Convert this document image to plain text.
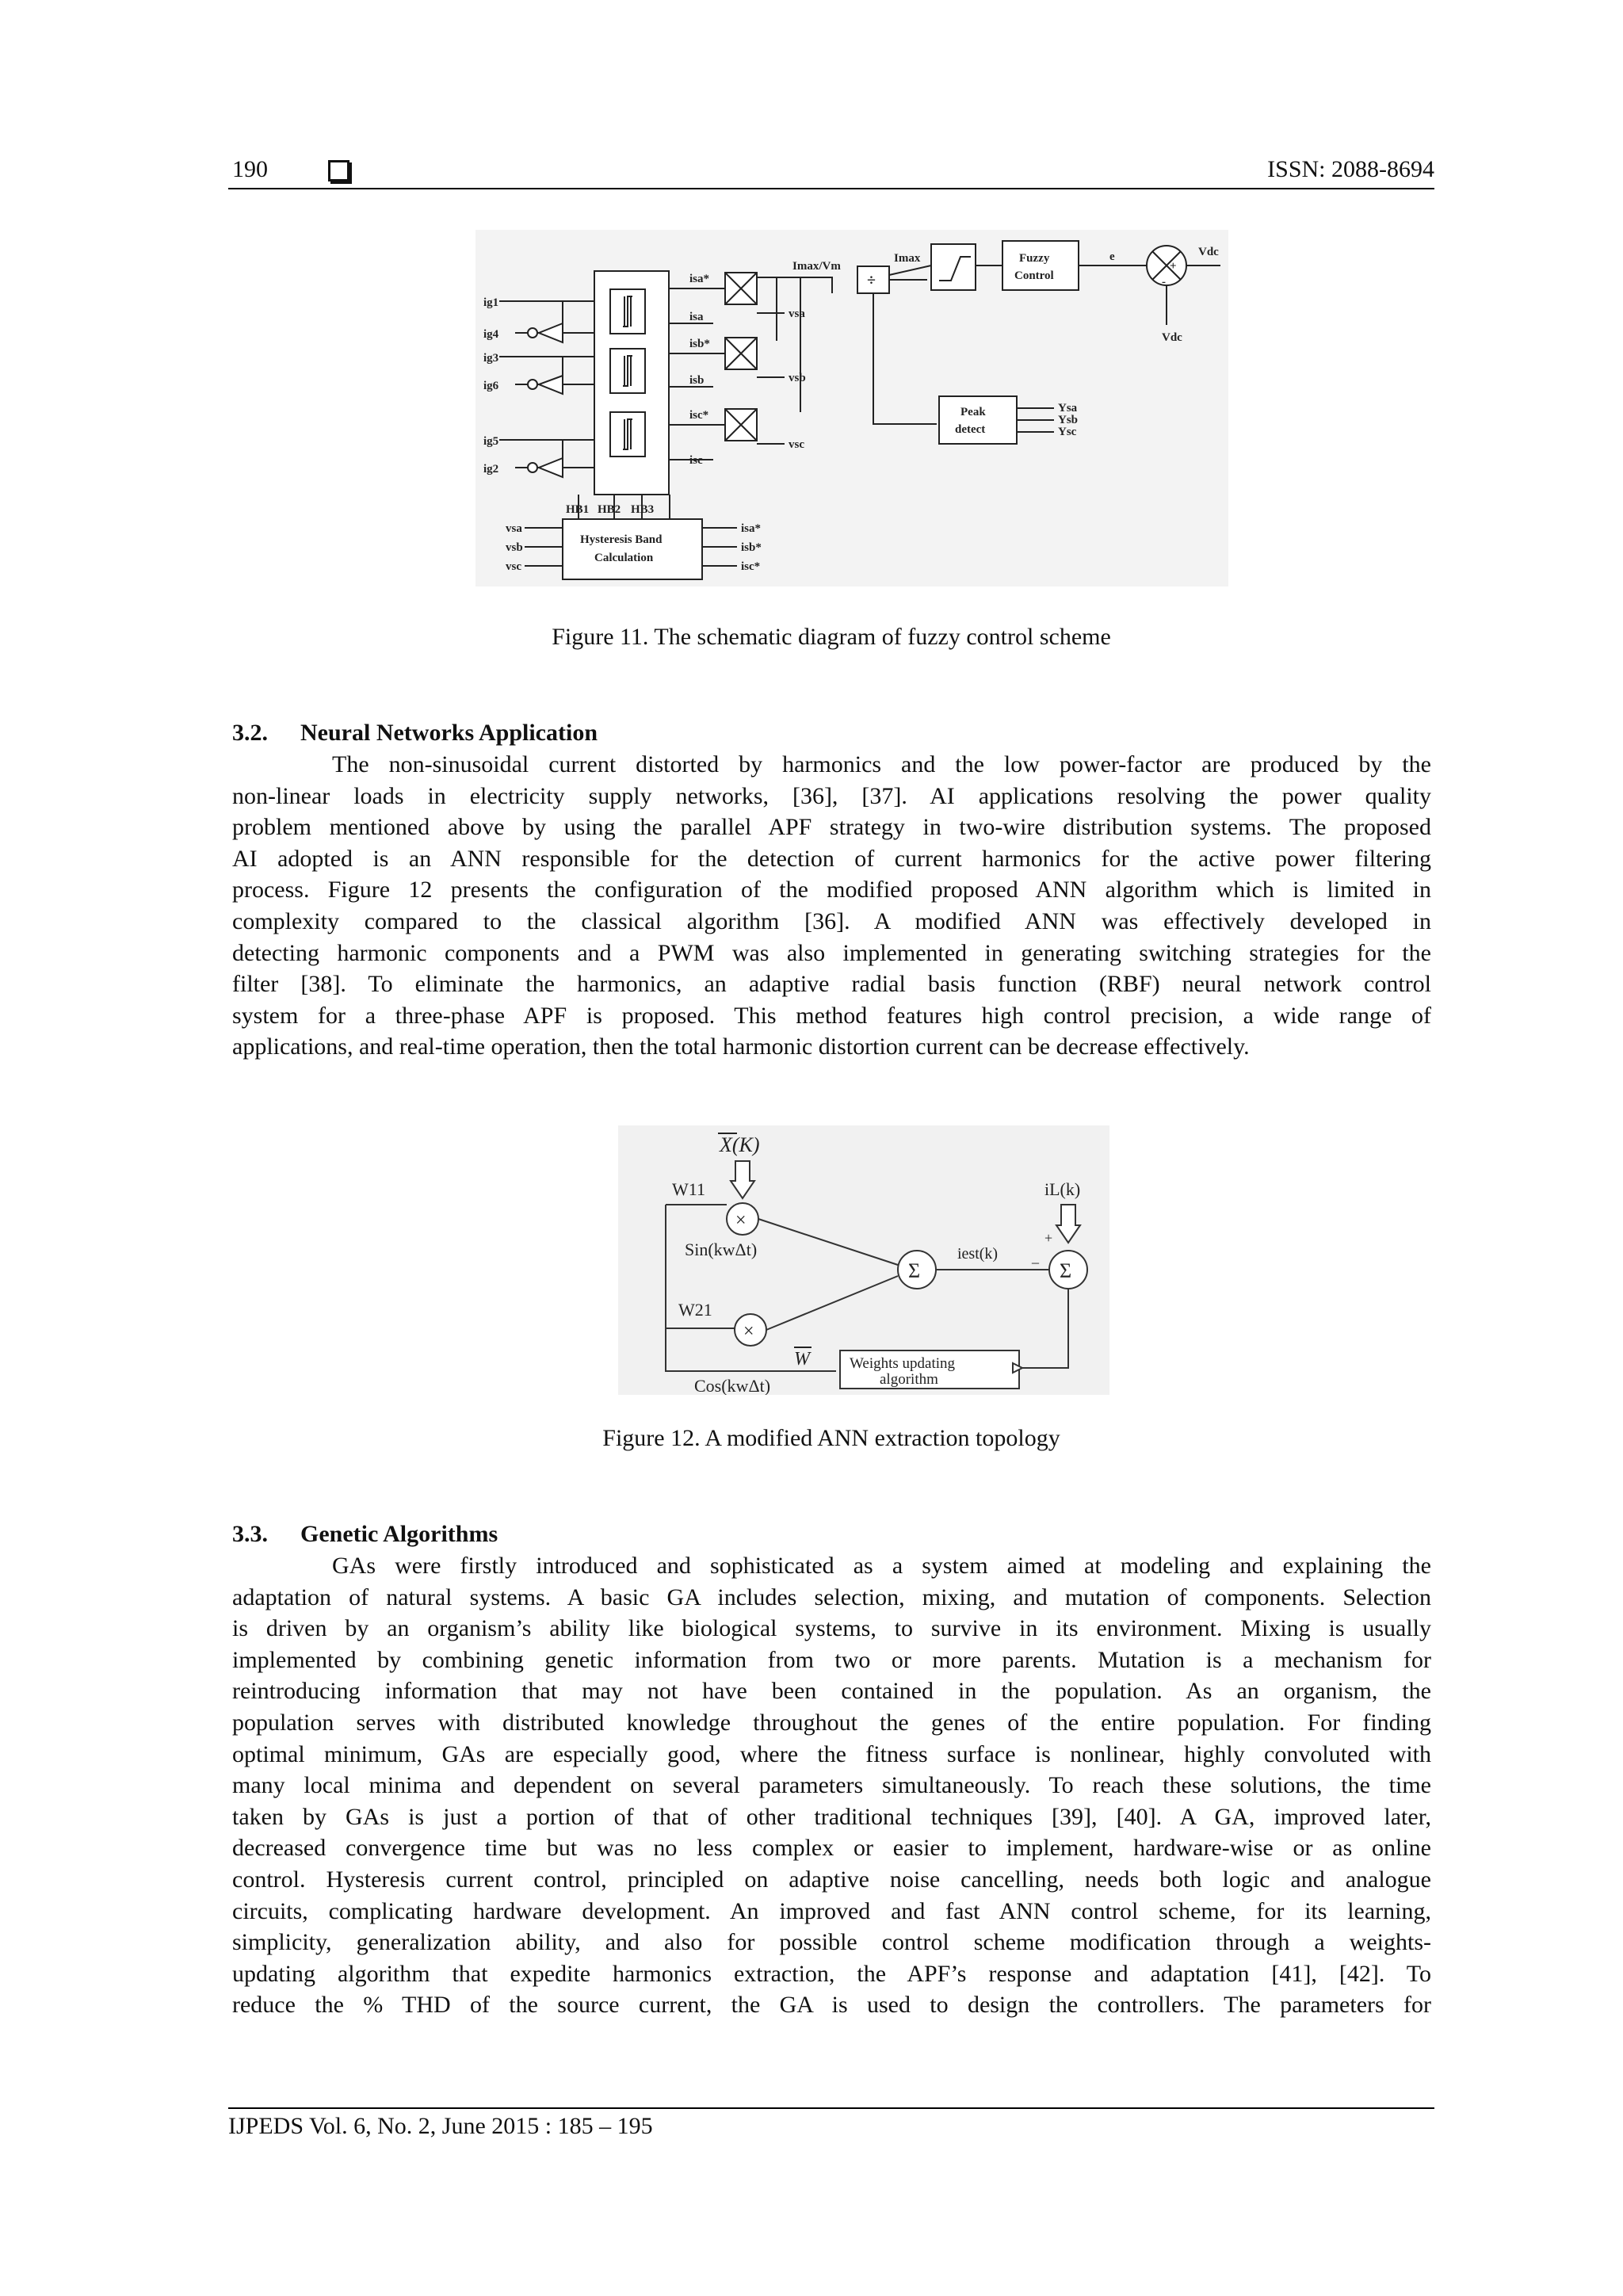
190	ISSN: 2088-8694
ig1
ig4
ig3
ig6
ig5
ig2
isa*
isa
isb*
isb
isc*
isc
vsa
vsb
vsc
Imax/Vm
Imax
÷
Fuzzy
Control
e	Vdc
Vdc
+
-
Peak
detect
Ysa
Ysb
Ysc
HB1 HB2 HB3
Hysteresis Band
Calculation
vsa
vsb
vsc
isa*
isb*
isc*
Figure 11. The schematic diagram of fuzzy control scheme
3.2. Neural Networks Application
The non-sinusoidal current distorted by harmonics and the low power-factor are produced by the
non-linear loads in electricity supply networks, [36], [37]. AI applications resolving the power quality
problem mentioned above by using the parallel APF strategy in two-wire distribution systems. The proposed
AI adopted is an ANN responsible for the detection of current harmonics for the active power filtering
process. Figure 12 presents the configuration of the modified proposed ANN algorithm which is limited in
complexity compared to the classical algorithm [36]. A modified ANN was effectively developed in
detecting harmonic components and a PWM was also implemented in generating switching strategies for the
filter [38]. To eliminate the harmonics, an adaptive radial basis function (RBF) neural network control
system for a three-phase APF is proposed. This method features high control precision, a wide range of
applications, and real-time operation, then the total harmonic distortion current can be decrease effectively.
X(K)
W11
Sin(kwΔt)
W21
Cos(kwΔt)
W
iest(k)
iL(k)
+
_
Σ	Σ
×
×
Weights updating
algorithm
Figure 12. A modified ANN extraction topology
3.3. Genetic Algorithms
GAs were firstly introduced and sophisticated as a system aimed at modeling and explaining the
adaptation of natural systems. A basic GA includes selection, mixing, and mutation of components. Selection
is driven by an organism’s ability like biological systems, to survive in its environment. Mixing is usually
implemented by combining genetic information from two or more parents. Mutation is a mechanism for
reintroducing information that may not have been contained in the population. As an organism, the
population serves with distributed knowledge throughout the genes of the entire population. For finding
optimal minimum, GAs are especially good, where the fitness surface is nonlinear, highly convoluted with
many local minima and dependent on several parameters simultaneously. To reach these solutions, the time
taken by GAs is just a portion of that of other traditional techniques [39], [40]. A GA, improved later,
decreased convergence time but was no less complex or easier to implement, hardware-wise or as online
control. Hysteresis current control, principled on adaptive noise cancelling, needs both logic and analogue
circuits, complicating hardware development. An improved and fast ANN control scheme, for its learning,
simplicity, generalization ability, and also for possible control scheme modification through a weights-
updating algorithm that expedite harmonics extraction, the APF’s response and adaptation [41], [42]. To
reduce the % THD of the source current, the GA is used to design the controllers. The parameters for
IJPEDS Vol. 6, No. 2, June 2015 : 185 – 195
